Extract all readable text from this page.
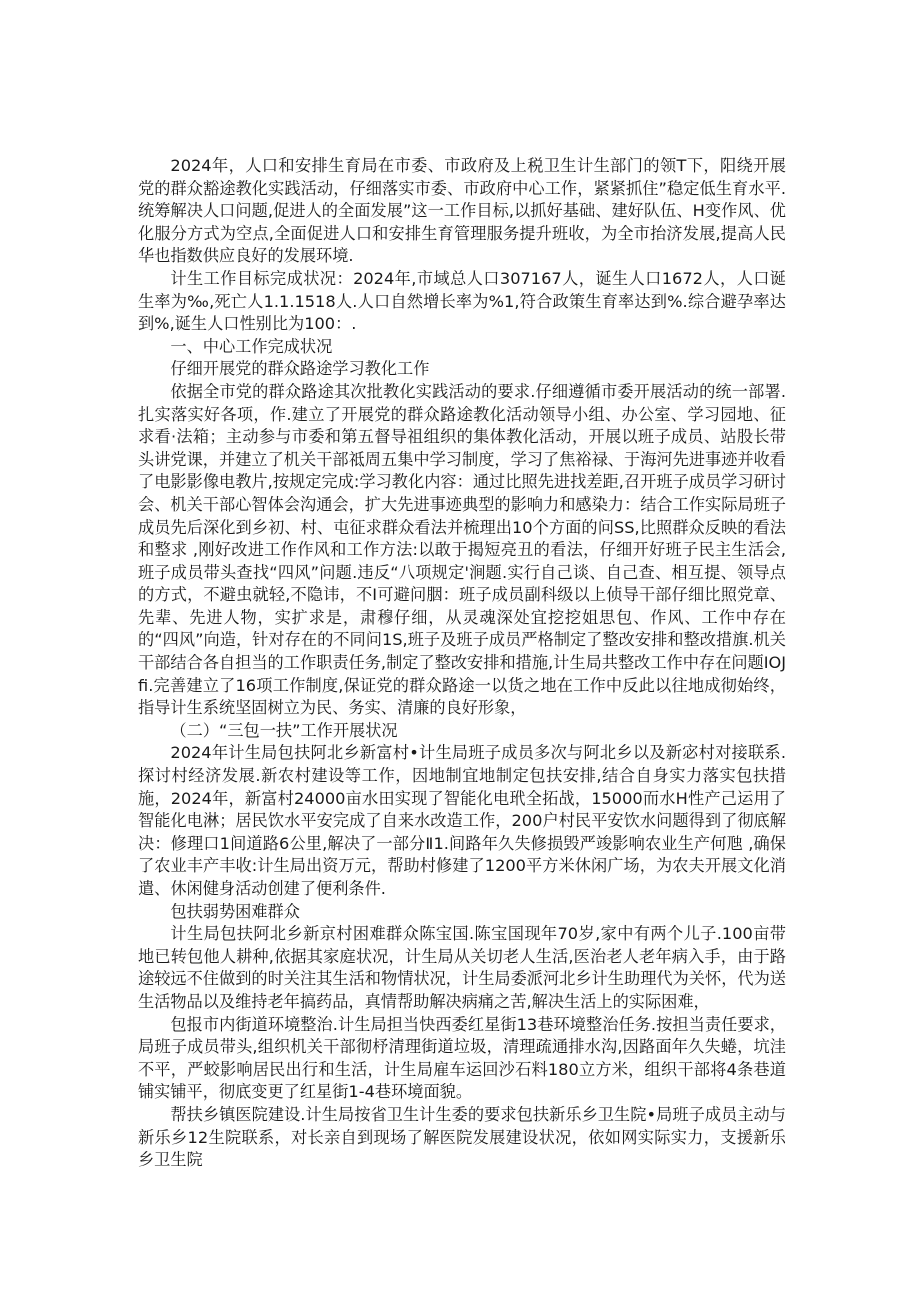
2024年，人口和安排生育局在市委、市政府及上税卫生计生部门的领T下，阳绕开展党的群众豁途教化实践活动，仔细落实市委、市政府中心工作，紧紧抓住”稳定低生育水平.统筹解决人口问题,促进人的全面发展”这一工作目标,以抓好基础、建好队伍、H变作风、优化服分方式为空点,全面促进人口和安排生育管理服务提升班收，为全市抬济发展,提高人民华也指数供应良好的发展环境.

计生工作目标完成状况：2024年,市域总人口307167人，诞生人口1672人，人口诞生率为‰,死亡人1.1.1518人.人口自然增长率为%1,符合政策生育率达到%.综合避孕率达到%,诞生人口性别比为100：.

一、中心工作完成状况

仔细开展党的群众路途学习教化工作

依据全市党的群众路途其次批教化实践活动的要求.仔细遵循市委开展活动的统一部署.扎实落实好各项，作.建立了开展党的群众路途教化活动领导小组、办公室、学习园地、征求看·法箱；主动参与市委和第五督导祖组织的集体教化活动，开展以班子成员、站股长带头讲党课，并建立了机关干部祗周五集中学习制度，学习了焦裕禄、于海河先进事迹并收看了电影影像电教片,按规定完成:学习教化内容：通过比照先进找差距,召开班子成员学习研讨会、机关干部心智体会沟通会，扩大先进事迹典型的影响力和感染力：结合工作实际局班子成员先后深化到乡初、村、屯征求群众看法并梳理出10个方面的问SS,比照群众反映的看法和整求 ,刚好改进工作作风和工作方法:以敢于揭短亮丑的看法，仔细开好班子民主生活会,班子成员带头查找“四风”问题.违反“八项规定'涧题.实行自己谈、自己查、相互提、领导点的方式，不避虫就轻,不隐讳，不I可避问胭：班子成员副科级以上侦导干部仔细比照党章、先辈、先进人物，实扩求是，肃穆仔细，从灵魂深处宜挖挖姐思包、作风、工作中存在的“四风”向造，针对存在的不同问1S,班子及班子成员严格制定了整改安排和整改措旗.机关干部结合各自担当的工作职责任务,制定了整改安排和措施,计生局共整改工作中存在问题IOJfi.完善建立了16项工作制度,保证党的群众路途一以货之地在工作中反此以往地成彻始终，指导计生系统坚固树立为民、务实、清廉的良好形象，

（二）“三包一扶”工作开展状况

2024年计生局包扶阿北乡新富村•计生局班子成员多次与阿北乡以及新宓村对接联系.探讨村经济发展.新农村建设等工作，因地制宜地制定包扶安排,结合自身实力落实包扶措施，2024年，新富村24000亩水田实现了智能化电玳全拓战，15000而水H性产己运用了智能化电淋；居民饮水平安完成了自来水改造工作，200户村民平安饮水问题得到了彻底解决：修理口1间道路6公里,解决了一部分Ⅱ1.间路年久失修损毁严竣影响农业生产何虺 ,确保了农业丰产丰收:计生局出资万元，帮助村修建了1200平方米休闲广场，为农夫开展文化消遣、休闲健身活动创建了便利条件.

包扶弱势困难群众

计生局包扶阿北乡新京村困难群众陈宝国.陈宝国现年70岁,家中有两个儿子.100亩带地已转包他人耕种,依据其家庭状况，计生局从关切老人生活,医治老人老年病入手，由于路途较远不住做到的时关注其生活和物情状况，计生局委派河北乡计生助理代为关怀，代为送生活物品以及维持老年搞药品，真情帮助解决病痛之苦,解决生活上的实际困难，

包报市内街道环境整治.计生局担当快西委红星街13巷环境整治任务.按担当责任要求，局班子成员带头,组织机关干部彻杼清理街道垃圾，清理疏通排水沟,因路面年久失蜷，坑洼不平，严蛟影响居民出行和生活，计生局雇车运回沙石料180立方米，组织干部将4条巷道铺实铺平，彻底变更了红星街1-4巷环境面貌。

帮扶乡镇医院建设.计生局按省卫生计生委的要求包扶新乐乡卫生院•局班子成员主动与新乐乡12生院联系，对长亲自到现场了解医院发展建设状况，依如网实际实力，支援新乐乡卫生院
